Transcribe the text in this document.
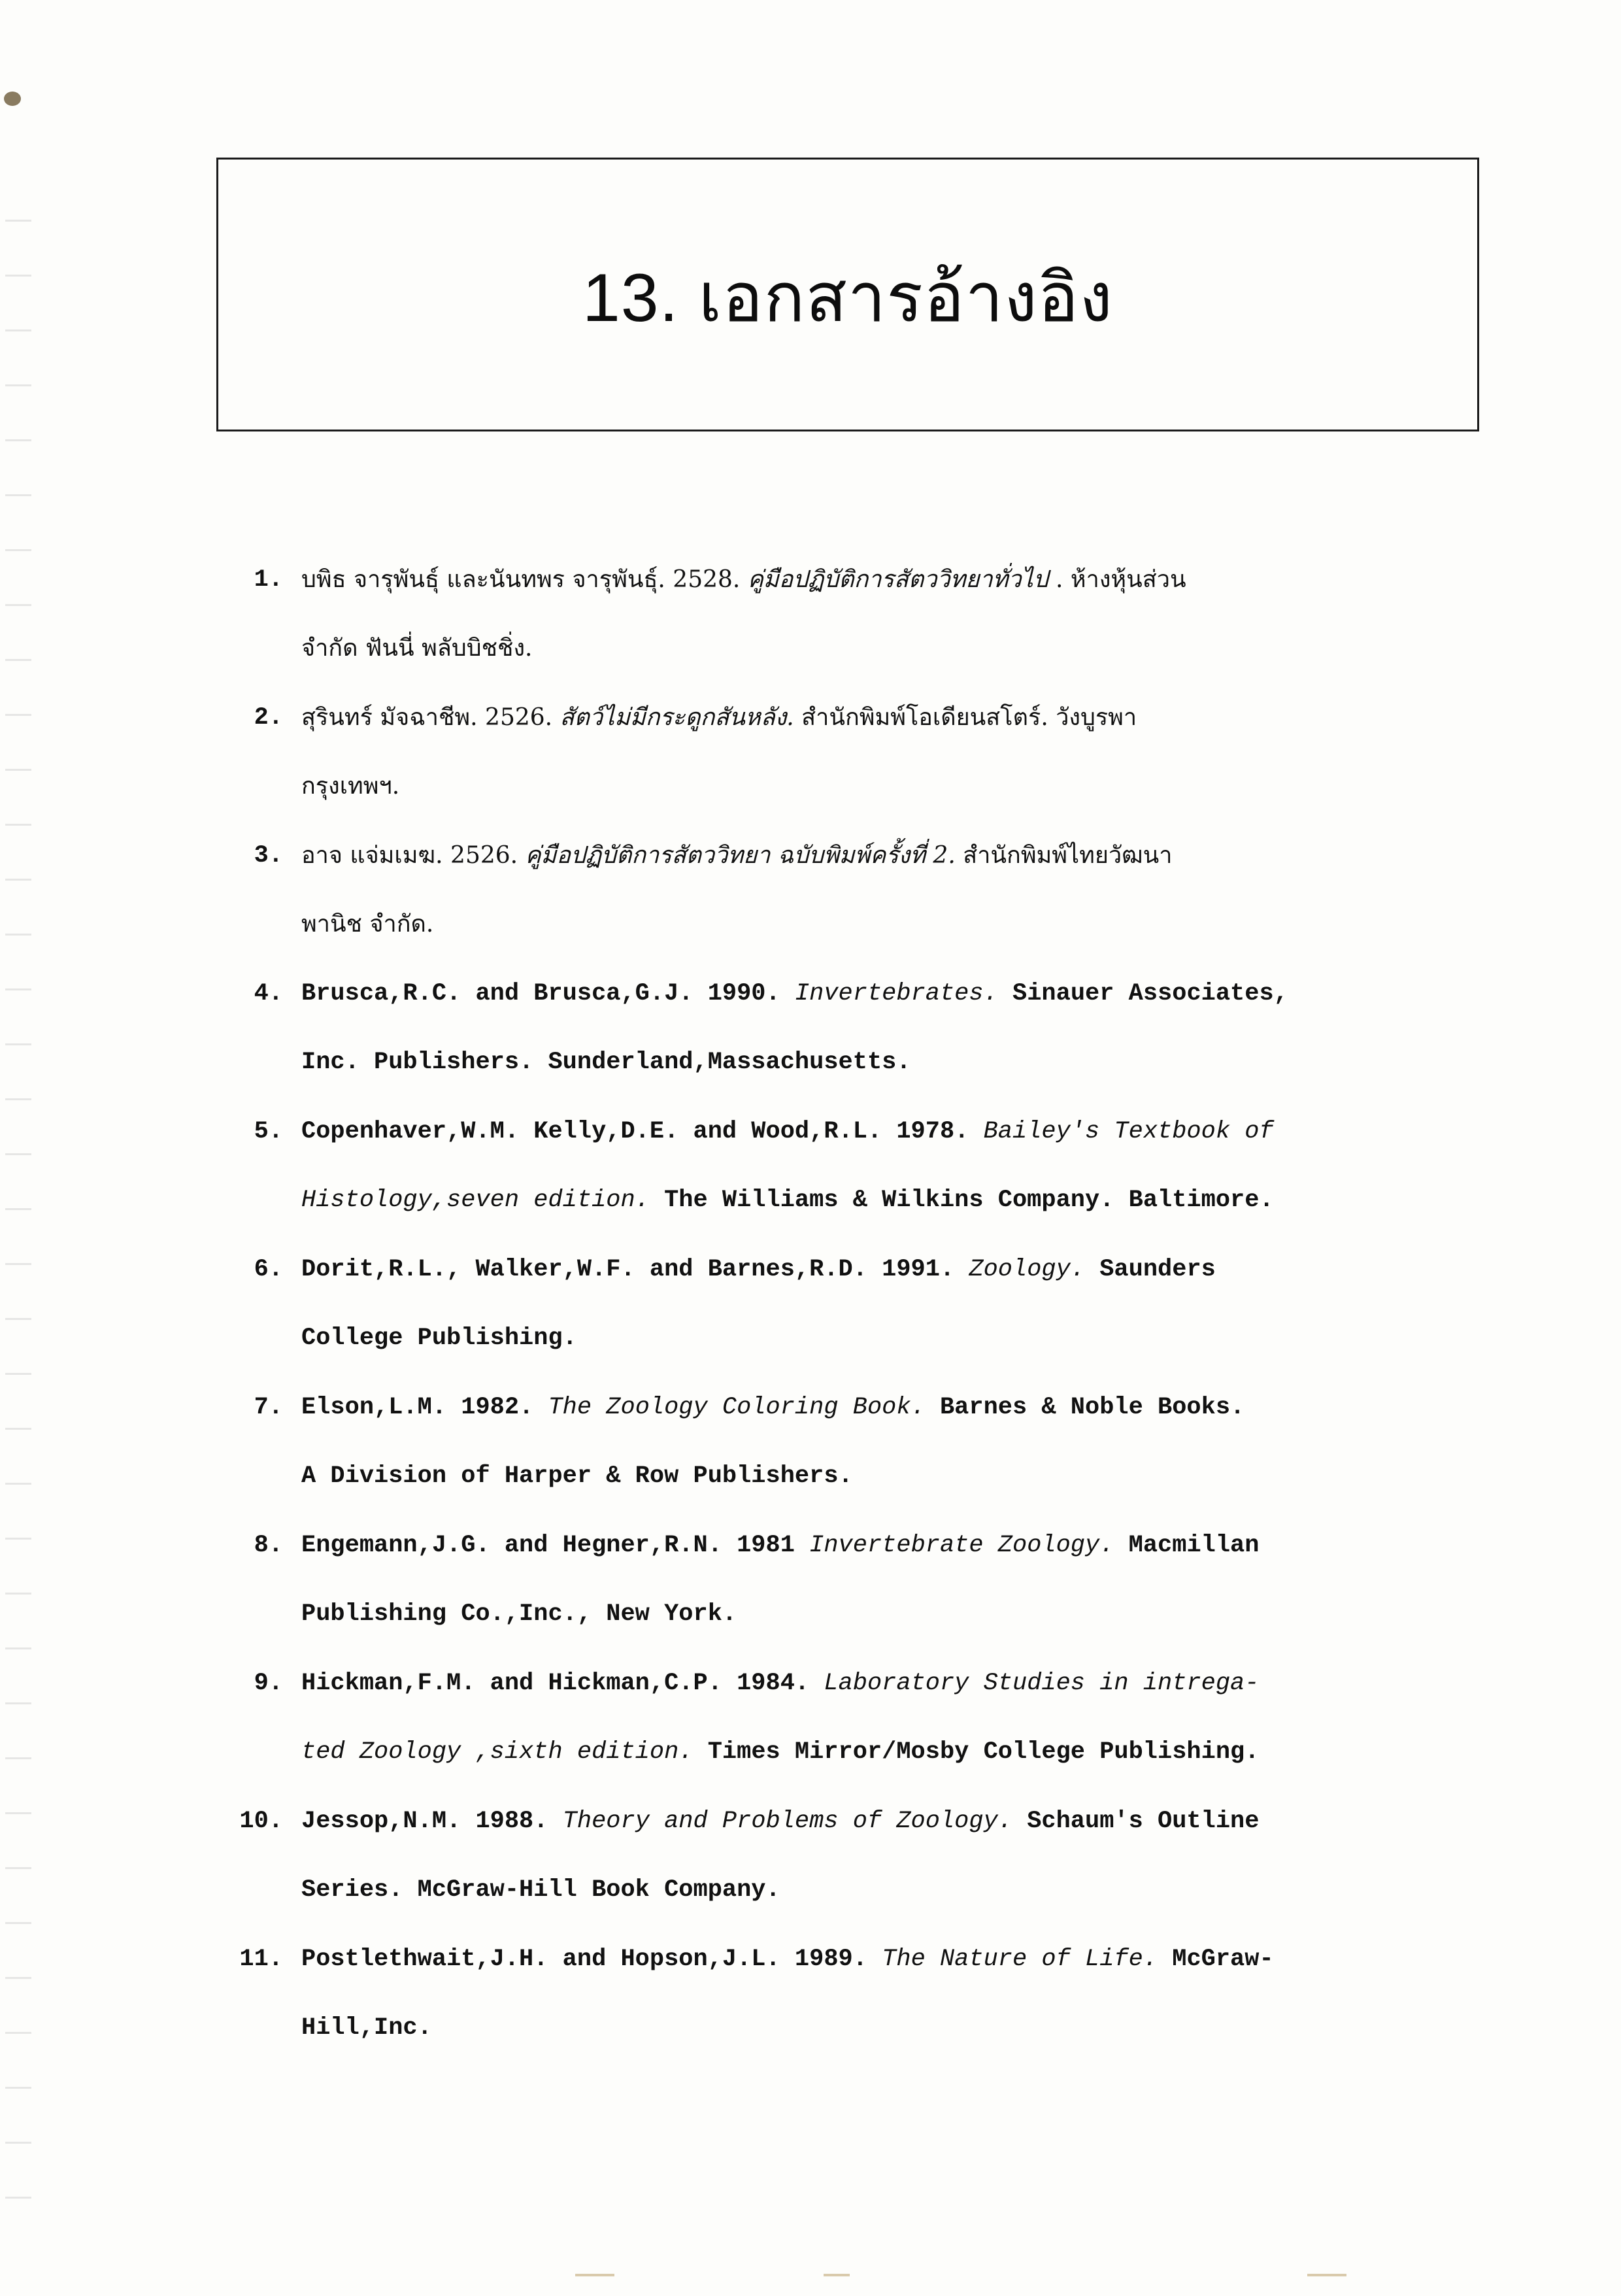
13. เอกสารอ้างอิง
1. บพิธ จารุพันธุ์ และนันทพร จารุพันธุ์. 2528. คู่มือปฏิบัติการสัตววิทยาทั่วไป . ห้างหุ้นส่วน
จำกัด ฟันนี่ พลับบิชชิ่ง.
2. สุรินทร์ มัจฉาชีพ. 2526. สัตว์ไม่มีกระดูกสันหลัง. สำนักพิมพ์โอเดียนสโตร์. วังบูรพา
กรุงเทพฯ.
3. อาจ แจ่มเมฆ. 2526. คู่มือปฏิบัติการสัตววิทยา ฉบับพิมพ์ครั้งที่ 2. สำนักพิมพ์ไทยวัฒนา
พานิช จำกัด.
4. Brusca,R.C. and Brusca,G.J. 1990. Invertebrates. Sinauer Associates,
Inc. Publishers. Sunderland,Massachusetts.
5. Copenhaver,W.M. Kelly,D.E. and Wood,R.L. 1978. Bailey's Textbook of
Histology,seven edition. The Williams & Wilkins Company. Baltimore.
6. Dorit,R.L., Walker,W.F. and Barnes,R.D. 1991. Zoology. Saunders
College Publishing.
7. Elson,L.M. 1982. The Zoology Coloring Book. Barnes & Noble Books.
A Division of Harper & Row Publishers.
8. Engemann,J.G. and Hegner,R.N. 1981 Invertebrate Zoology. Macmillan
Publishing Co.,Inc., New York.
9. Hickman,F.M. and Hickman,C.P. 1984. Laboratory Studies in intrega-
ted Zoology ,sixth edition. Times Mirror/Mosby College Publishing.
10. Jessop,N.M. 1988. Theory and Problems of Zoology. Schaum's Outline
Series. McGraw-Hill Book Company.
11. Postlethwait,J.H. and Hopson,J.L. 1989. The Nature of Life. McGraw-
Hill,Inc.
